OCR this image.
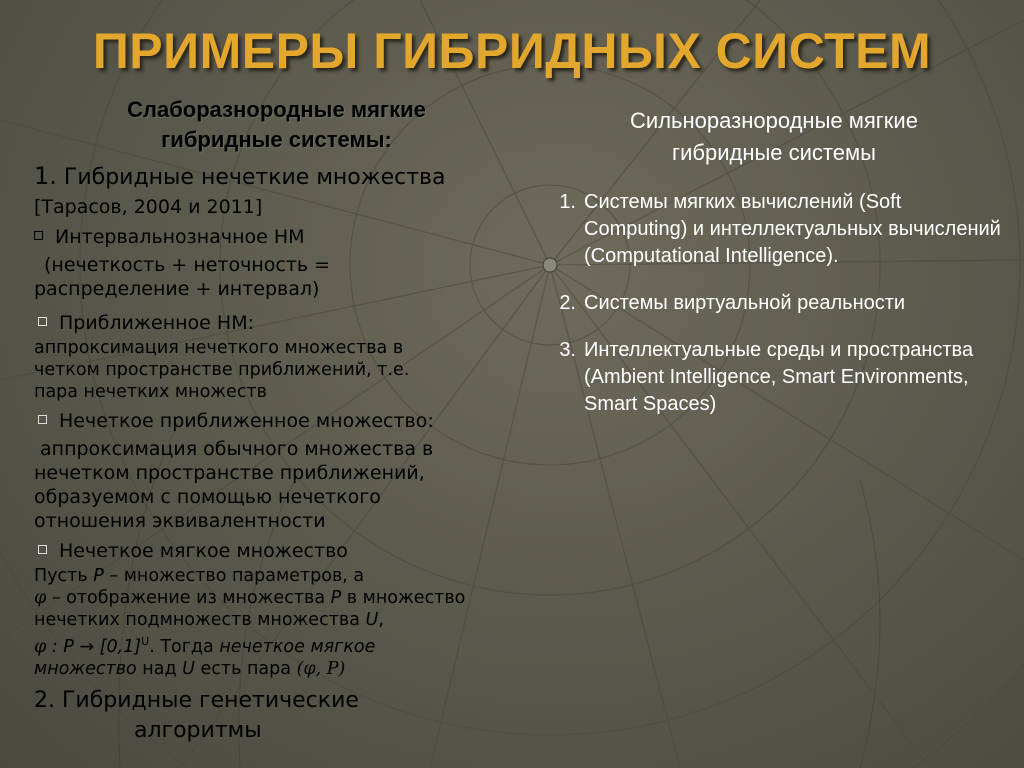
ПРИМЕРЫ ГИБРИДНЫХ СИСТЕМ
Слаборазнородные мягкие
гибридные системы:
1. Гибридные нечеткие множества
[Тарасов, 2004 и 2011]
Интервальнозначное НМ
(нечеткость + неточность =
распределение + интервал)
Приближенное НМ:
аппроксимация нечеткого множества в
четком пространстве приближений, т.е.
пара нечетких множеств
Нечеткое приближенное множество:
аппроксимация обычного множества в
нечетком пространстве приближений,
образуемом с помощью нечеткого
отношения эквивалентности
Нечеткое мягкое множество
Пусть P – множество параметров, а
φ – отображение из множества P в множество
нечетких подмножеств множества U,
φ : $P \to [0,1]^U$. Тогда нечеткое мягкое
множество над U есть пара (φ, P)
2. Гибридные генетические
алгоритмы
Сильноразнородные мягкие
гибридные системы
1. Системы мягких вычислений (Soft Computing) и интеллектуальных вычислений (Computational Intelligence).
2. Системы виртуальной реальности
3. Интеллектуальные среды и пространства (Ambient Intelligence, Smart Environments, Smart Spaces)
